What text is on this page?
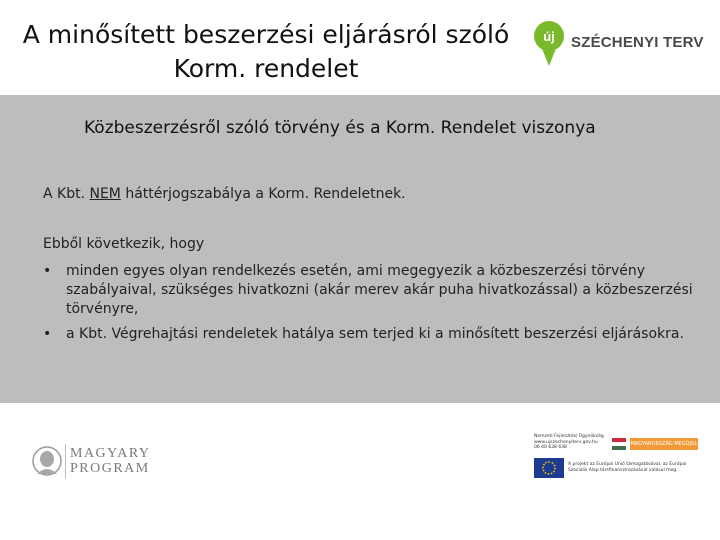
A minősített beszerzési eljárásról szóló
Korm. rendelet
új SZÉCHENYI TERV
Közbeszerzésről szóló törvény és a Korm. Rendelet viszonya
A Kbt. NEM háttérjogszabálya a Korm. Rendeletnek.
Ebből következik, hogy
• minden egyes olyan rendelkezés esetén, ami megegyezik a közbeszerzési törvény szabályaival, szükséges hivatkozni (akár merev akár puha hivatkozással) a közbeszerzési törvényre,
• a Kbt. Végrehajtási rendeletek hatálya sem terjed ki a minősített beszerzési eljárásokra.
MAGYARY
PROGRAM
Nemzeti Fejlesztési Ügynökség www.ujszechenyiterv.gov.hu 06 40 638 638
MAGYARORSZÁG MEGÚJUL
A projekt az Európai Unió támogatásával, az Európai Szociális Alap társfinanszírozásával valósul meg.
